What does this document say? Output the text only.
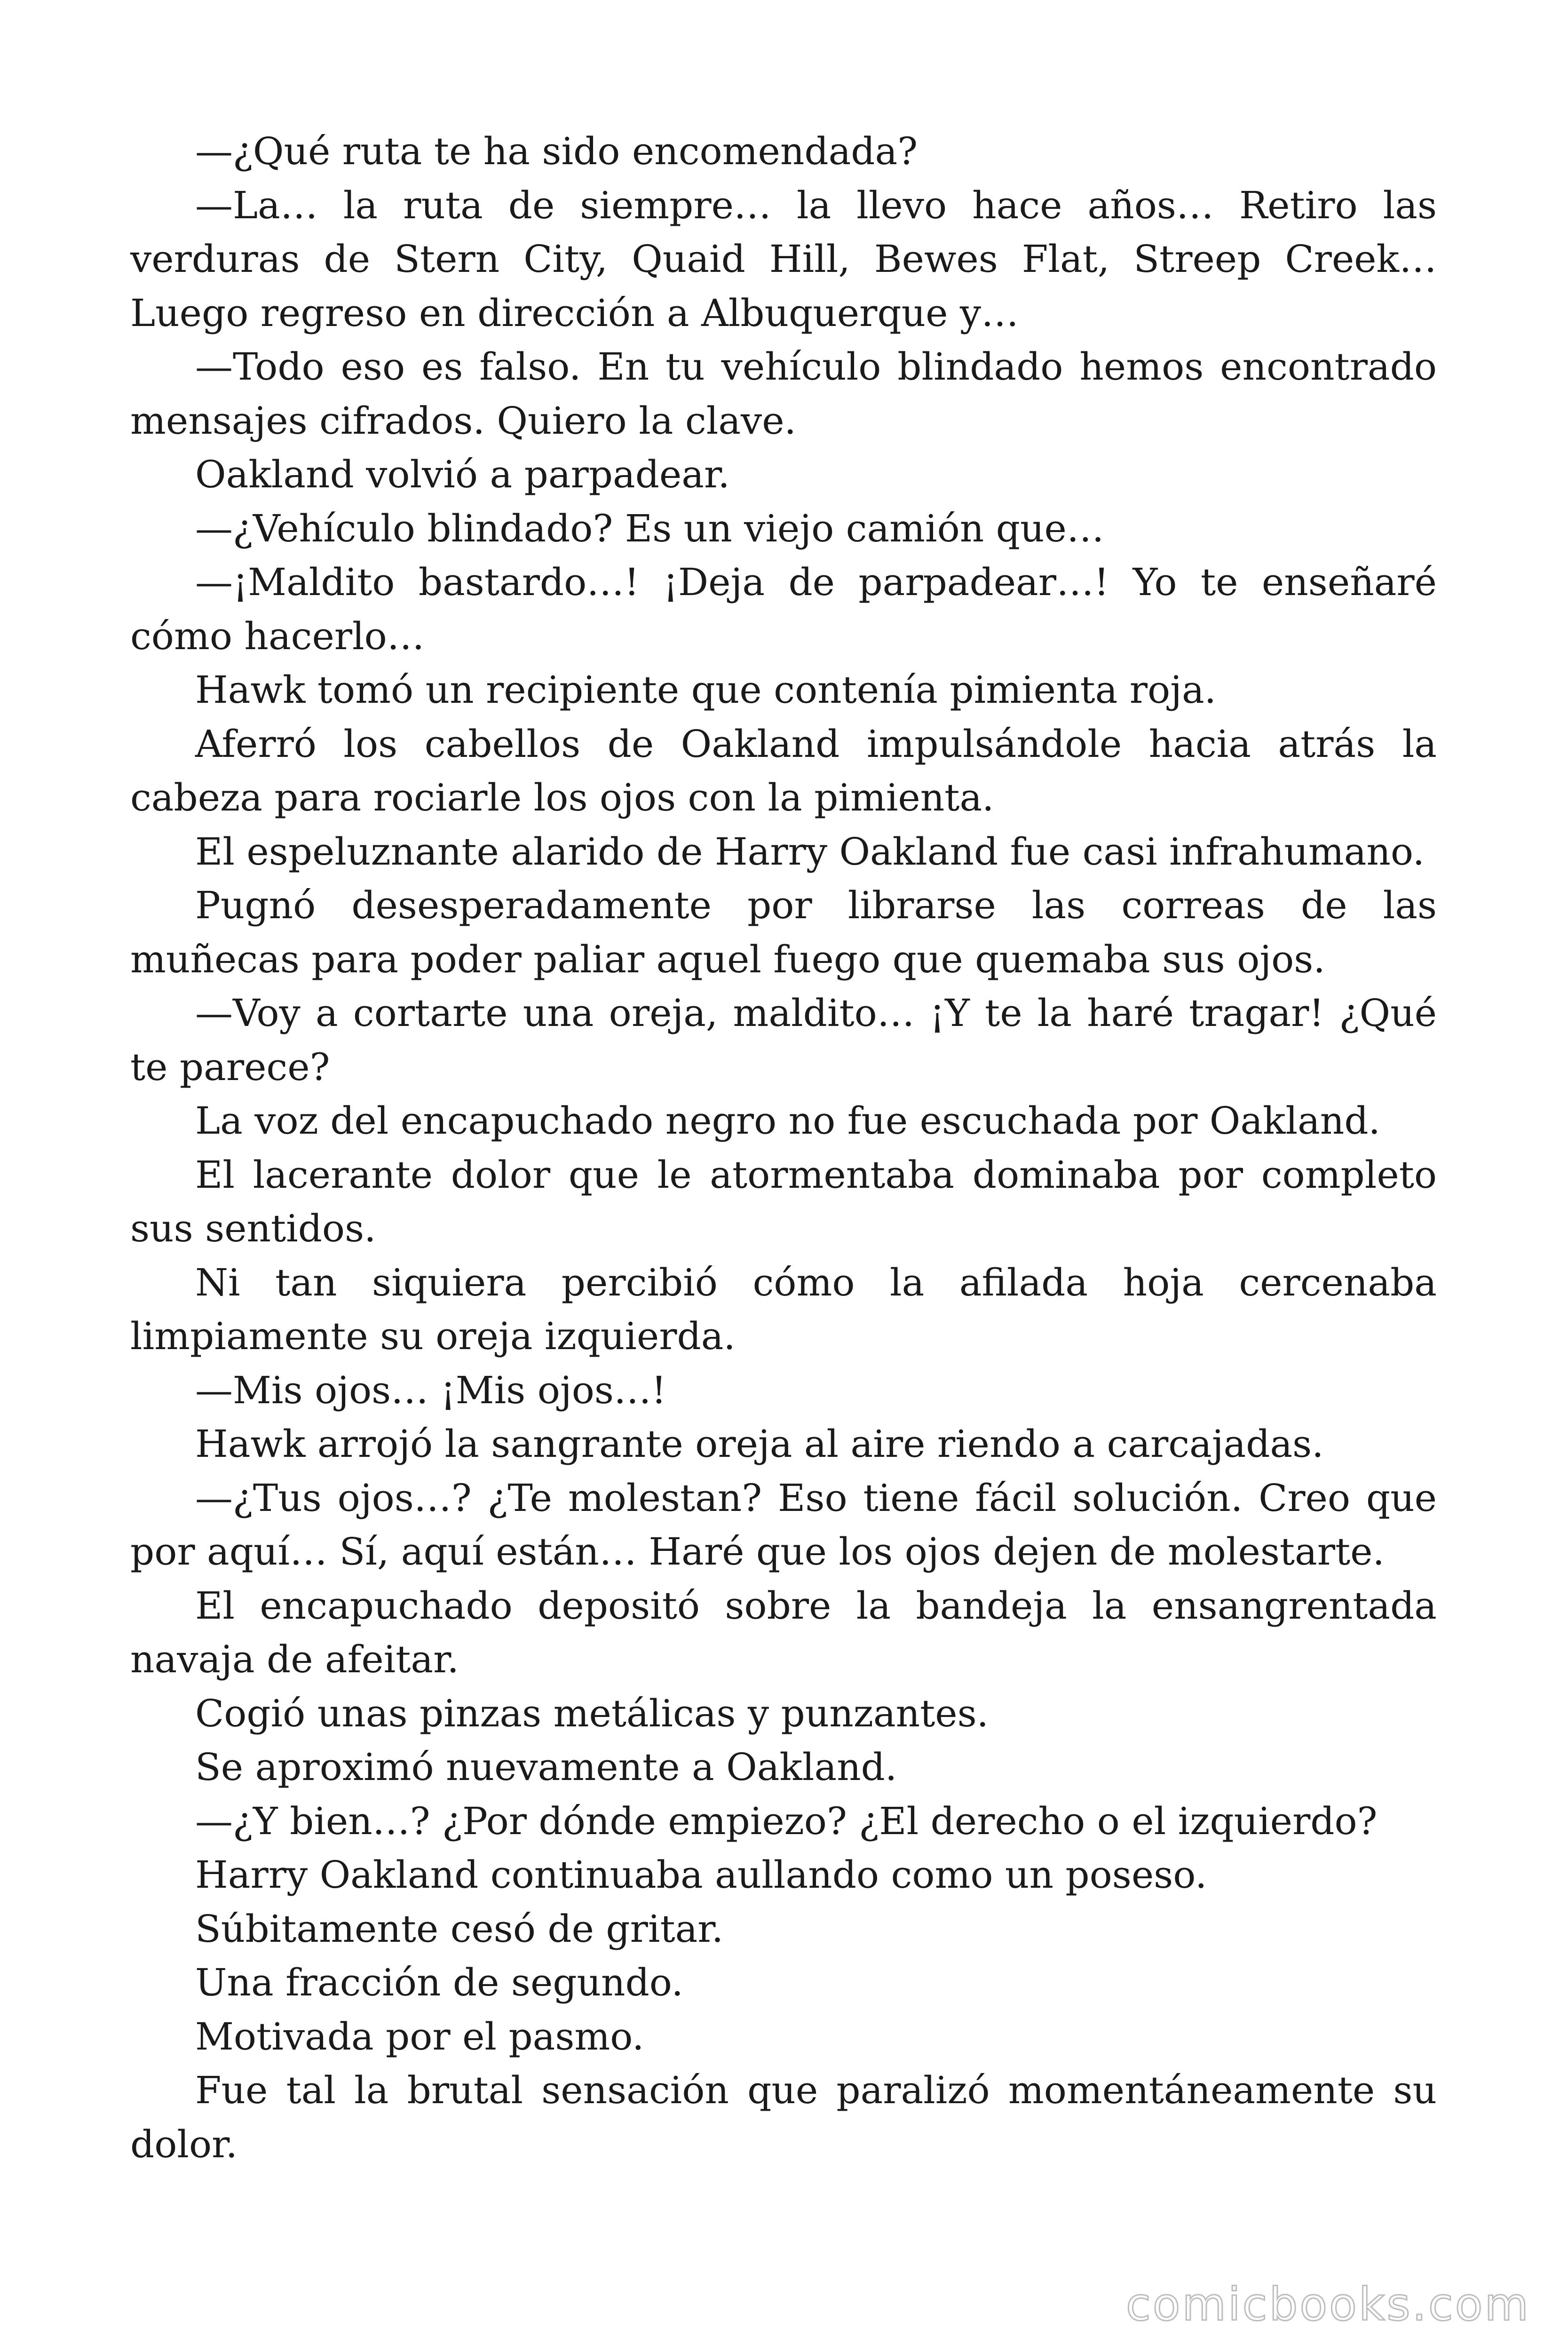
—¿Qué ruta te ha sido encomendada?

—La… la ruta de siempre… la llevo hace años… Retiro las verduras de Stern City, Quaid Hill, Bewes Flat, Streep Creek… Luego regreso en dirección a Albuquerque y…

—Todo eso es falso. En tu vehículo blindado hemos encontrado mensajes cifrados. Quiero la clave.

Oakland volvió a parpadear.

—¿Vehículo blindado? Es un viejo camión que…

—¡Maldito bastardo…! ¡Deja de parpadear…! Yo te enseñaré cómo hacerlo…

Hawk tomó un recipiente que contenía pimienta roja.

Aferró los cabellos de Oakland impulsándole hacia atrás la cabeza para rociarle los ojos con la pimienta.

El espeluznante alarido de Harry Oakland fue casi infrahumano.

Pugnó desesperadamente por librarse las correas de las muñecas para poder paliar aquel fuego que quemaba sus ojos.

—Voy a cortarte una oreja, maldito… ¡Y te la haré tragar! ¿Qué te parece?

La voz del encapuchado negro no fue escuchada por Oakland.

El lacerante dolor que le atormentaba dominaba por completo sus sentidos.

Ni tan siquiera percibió cómo la afilada hoja cercenaba limpiamente su oreja izquierda.

—Mis ojos… ¡Mis ojos…!

Hawk arrojó la sangrante oreja al aire riendo a carcajadas.

—¿Tus ojos…? ¿Te molestan? Eso tiene fácil solución. Creo que por aquí… Sí, aquí están… Haré que los ojos dejen de molestarte.

El encapuchado depositó sobre la bandeja la ensangrentada navaja de afeitar.

Cogió unas pinzas metálicas y punzantes.

Se aproximó nuevamente a Oakland.

—¿Y bien…? ¿Por dónde empiezo? ¿El derecho o el izquierdo?

Harry Oakland continuaba aullando como un poseso.

Súbitamente cesó de gritar.

Una fracción de segundo.

Motivada por el pasmo.

Fue tal la brutal sensación que paralizó momentáneamente su dolor.

comicbooks.com
